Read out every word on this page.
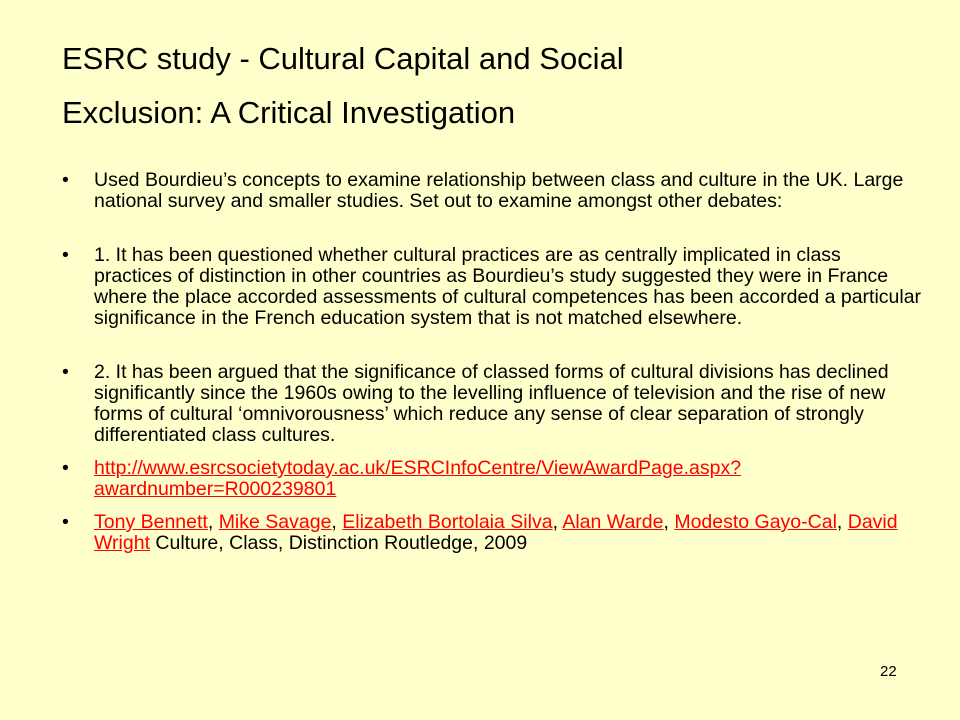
ESRC study - Cultural Capital and Social
Exclusion: A Critical Investigation
•	Used Bourdieu’s concepts to examine relationship between class and culture in the UK. Large national survey and smaller studies. Set out to examine amongst other debates:
•	1. It has been questioned whether cultural practices are as centrally implicated in class practices of distinction in other countries as Bourdieu’s study suggested they were in France where the place accorded assessments of cultural competences has been accorded a particular significance in the French education system that is not matched elsewhere.
•	2. It has been argued that the significance of classed forms of cultural divisions has declined significantly since the 1960s owing to the levelling influence of television and the rise of new forms of cultural ‘omnivorousness’ which reduce any sense of clear separation of strongly differentiated class cultures.
•	http://www.esrcsocietytoday.ac.uk/ESRCInfoCentre/ViewAwardPage.aspx?
awardnumber=R000239801
•	Tony Bennett, Mike Savage, Elizabeth Bortolaia Silva, Alan Warde, Modesto Gayo-Cal, David Wright Culture, Class, Distinction Routledge, 2009
22
